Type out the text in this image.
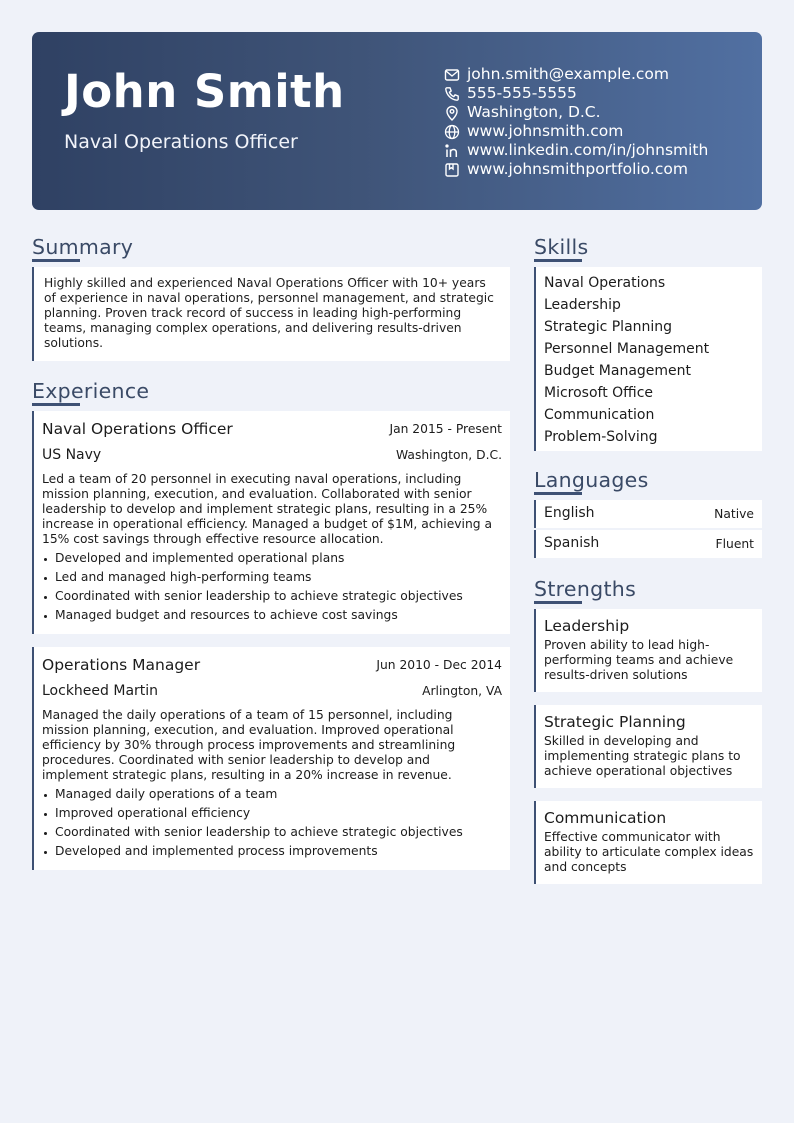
John Smith
Naval Operations Officer
john.smith@example.com
555-555-5555
Washington, D.C.
www.johnsmith.com
www.linkedin.com/in/johnsmith
www.johnsmithportfolio.com
Summary
Highly skilled and experienced Naval Operations Officer with 10+ years of experience in naval operations, personnel management, and strategic planning. Proven track record of success in leading high-performing teams, managing complex operations, and delivering results-driven solutions.
Experience
Naval Operations Officer	Jan 2015 - Present
US Navy	Washington, D.C.
Led a team of 20 personnel in executing naval operations, including mission planning, execution, and evaluation. Collaborated with senior leadership to develop and implement strategic plans, resulting in a 25% increase in operational efficiency. Managed a budget of $1M, achieving a 15% cost savings through effective resource allocation.
Developed and implemented operational plans
Led and managed high-performing teams
Coordinated with senior leadership to achieve strategic objectives
Managed budget and resources to achieve cost savings
Operations Manager	Jun 2010 - Dec 2014
Lockheed Martin	Arlington, VA
Managed the daily operations of a team of 15 personnel, including mission planning, execution, and evaluation. Improved operational efficiency by 30% through process improvements and streamlining procedures. Coordinated with senior leadership to develop and implement strategic plans, resulting in a 20% increase in revenue.
Managed daily operations of a team
Improved operational efficiency
Coordinated with senior leadership to achieve strategic objectives
Developed and implemented process improvements
Skills
Naval Operations
Leadership
Strategic Planning
Personnel Management
Budget Management
Microsoft Office
Communication
Problem-Solving
Languages
English	Native
Spanish	Fluent
Strengths
Leadership
Proven ability to lead high-performing teams and achieve results-driven solutions
Strategic Planning
Skilled in developing and implementing strategic plans to achieve operational objectives
Communication
Effective communicator with ability to articulate complex ideas and concepts
